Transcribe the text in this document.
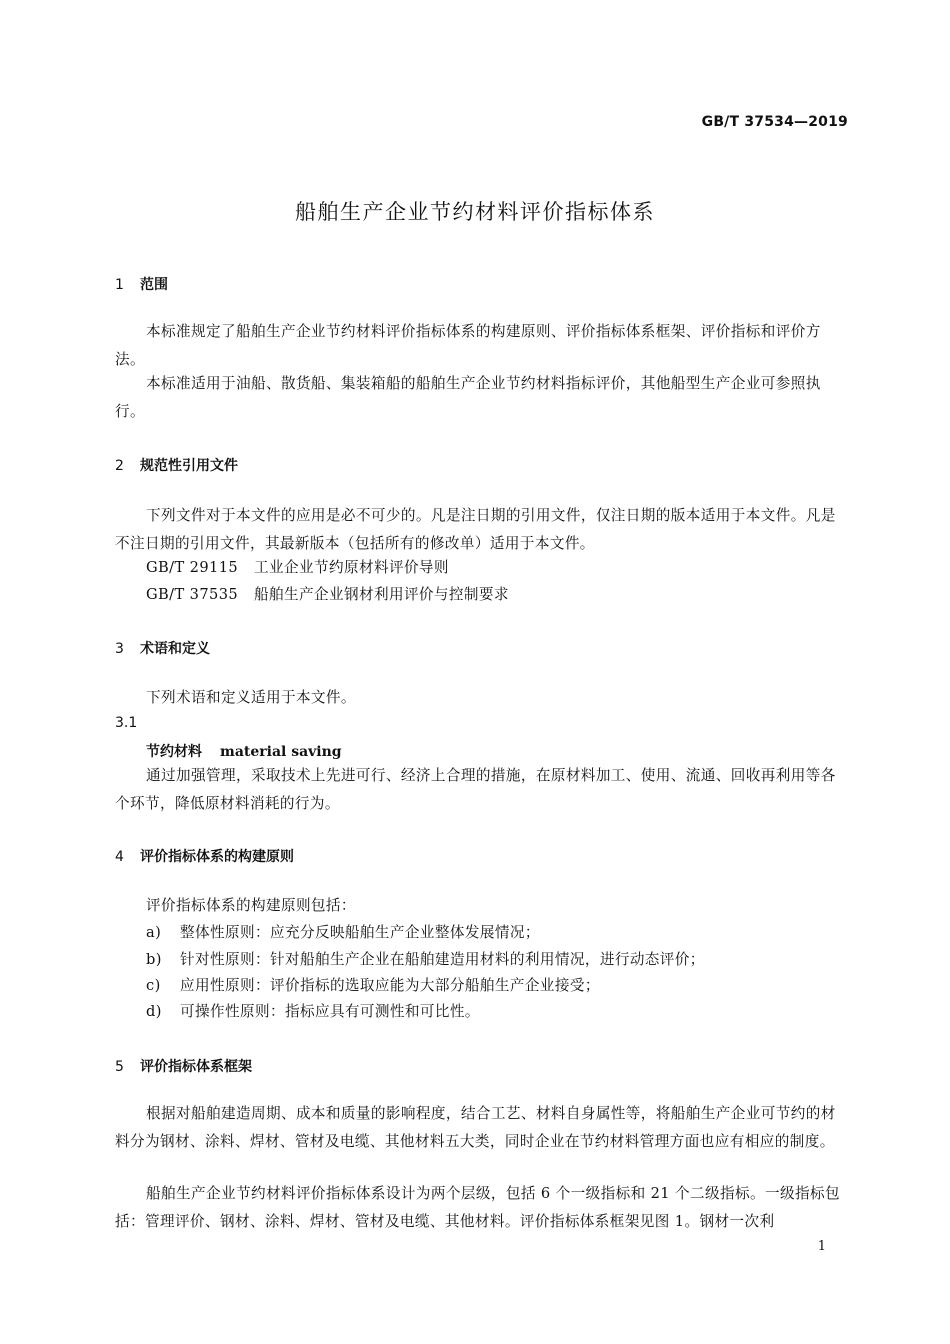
GB/T 37534—2019
船舶生产企业节约材料评价指标体系
1 范围

本标准规定了船舶生产企业节约材料评价指标体系的构建原则、评价指标体系框架、评价指标和评价方法。

本标准适用于油船、散货船、集装箱船的船舶生产企业节约材料指标评价，其他船型生产企业可参照执行。

2 规范性引用文件

下列文件对于本文件的应用是必不可少的。凡是注日期的引用文件，仅注日期的版本适用于本文件。凡是不注日期的引用文件，其最新版本（包括所有的修改单）适用于本文件。

GB/T 29115 工业企业节约原材料评价导则
GB/T 37535 船舶生产企业钢材利用评价与控制要求
3 术语和定义
下列术语和定义适用于本文件。
3.1
节约材料 material saving

通过加强管理，采取技术上先进可行、经济上合理的措施，在原材料加工、使用、流通、回收再利用等各个环节，降低原材料消耗的行为。

4 评价指标体系的构建原则
评价指标体系的构建原则包括：
a) 整体性原则：应充分反映船舶生产企业整体发展情况；
b) 针对性原则：针对船舶生产企业在船舶建造用材料的利用情况，进行动态评价；
c) 应用性原则：评价指标的选取应能为大部分船舶生产企业接受；
d) 可操作性原则：指标应具有可测性和可比性。
5 评价指标体系框架

根据对船舶建造周期、成本和质量的影响程度，结合工艺、材料自身属性等，将船舶生产企业可节约的材料分为钢材、涂料、焊材、管材及电缆、其他材料五大类，同时企业在节约材料管理方面也应有相应的制度。

船舶生产企业节约材料评价指标体系设计为两个层级，包括 6 个一级指标和 21 个二级指标。一级指标包括：管理评价、钢材、涂料、焊材、管材及电缆、其他材料。评价指标体系框架见图 1。钢材一次利

1
